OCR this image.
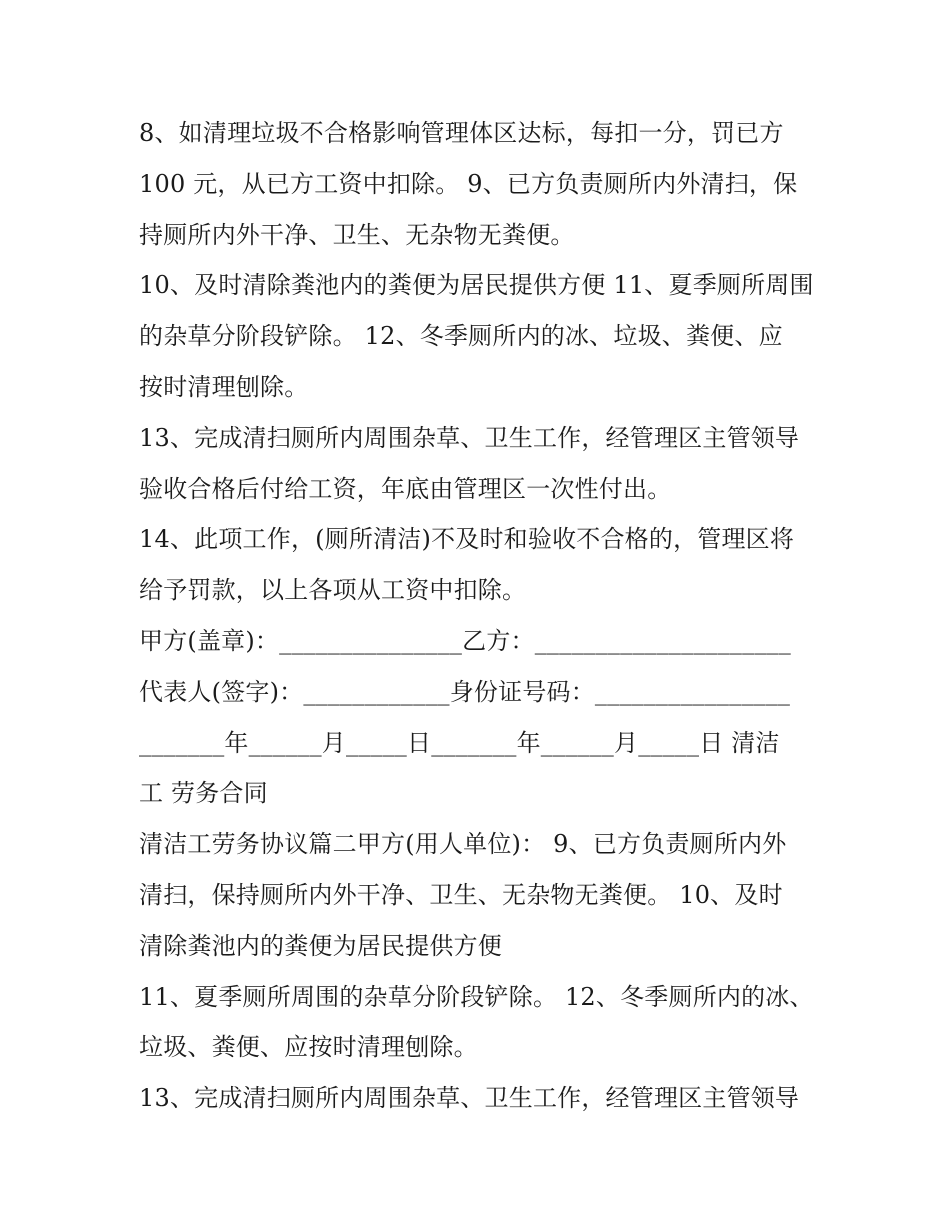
8、如清理垃圾不合格影响管理体区达标，每扣一分，罚已方
100 元，从已方工资中扣除。 9、已方负责厕所内外清扫，保
持厕所内外干净、卫生、无杂物无粪便。
10、及时清除粪池内的粪便为居民提供方便 11、夏季厕所周围
的杂草分阶段铲除。 12、冬季厕所内的冰、垃圾、粪便、应
按时清理刨除。
13、完成清扫厕所内周围杂草、卫生工作，经管理区主管领导
验收合格后付给工资，年底由管理区一次性付出。
14、此项工作，(厕所清洁)不及时和验收不合格的，管理区将
给予罚款，以上各项从工资中扣除。
甲方(盖章)：_______________乙方：_____________________
代表人(签字)：____________身份证号码：________________
_______年______月_____日_______年______月_____日 清洁
工 劳务合同
清洁工劳务协议篇二甲方(用人单位)： 9、已方负责厕所内外
清扫，保持厕所内外干净、卫生、无杂物无粪便。 10、及时
清除粪池内的粪便为居民提供方便
11、夏季厕所周围的杂草分阶段铲除。 12、冬季厕所内的冰、
垃圾、粪便、应按时清理刨除。
13、完成清扫厕所内周围杂草、卫生工作，经管理区主管领导
